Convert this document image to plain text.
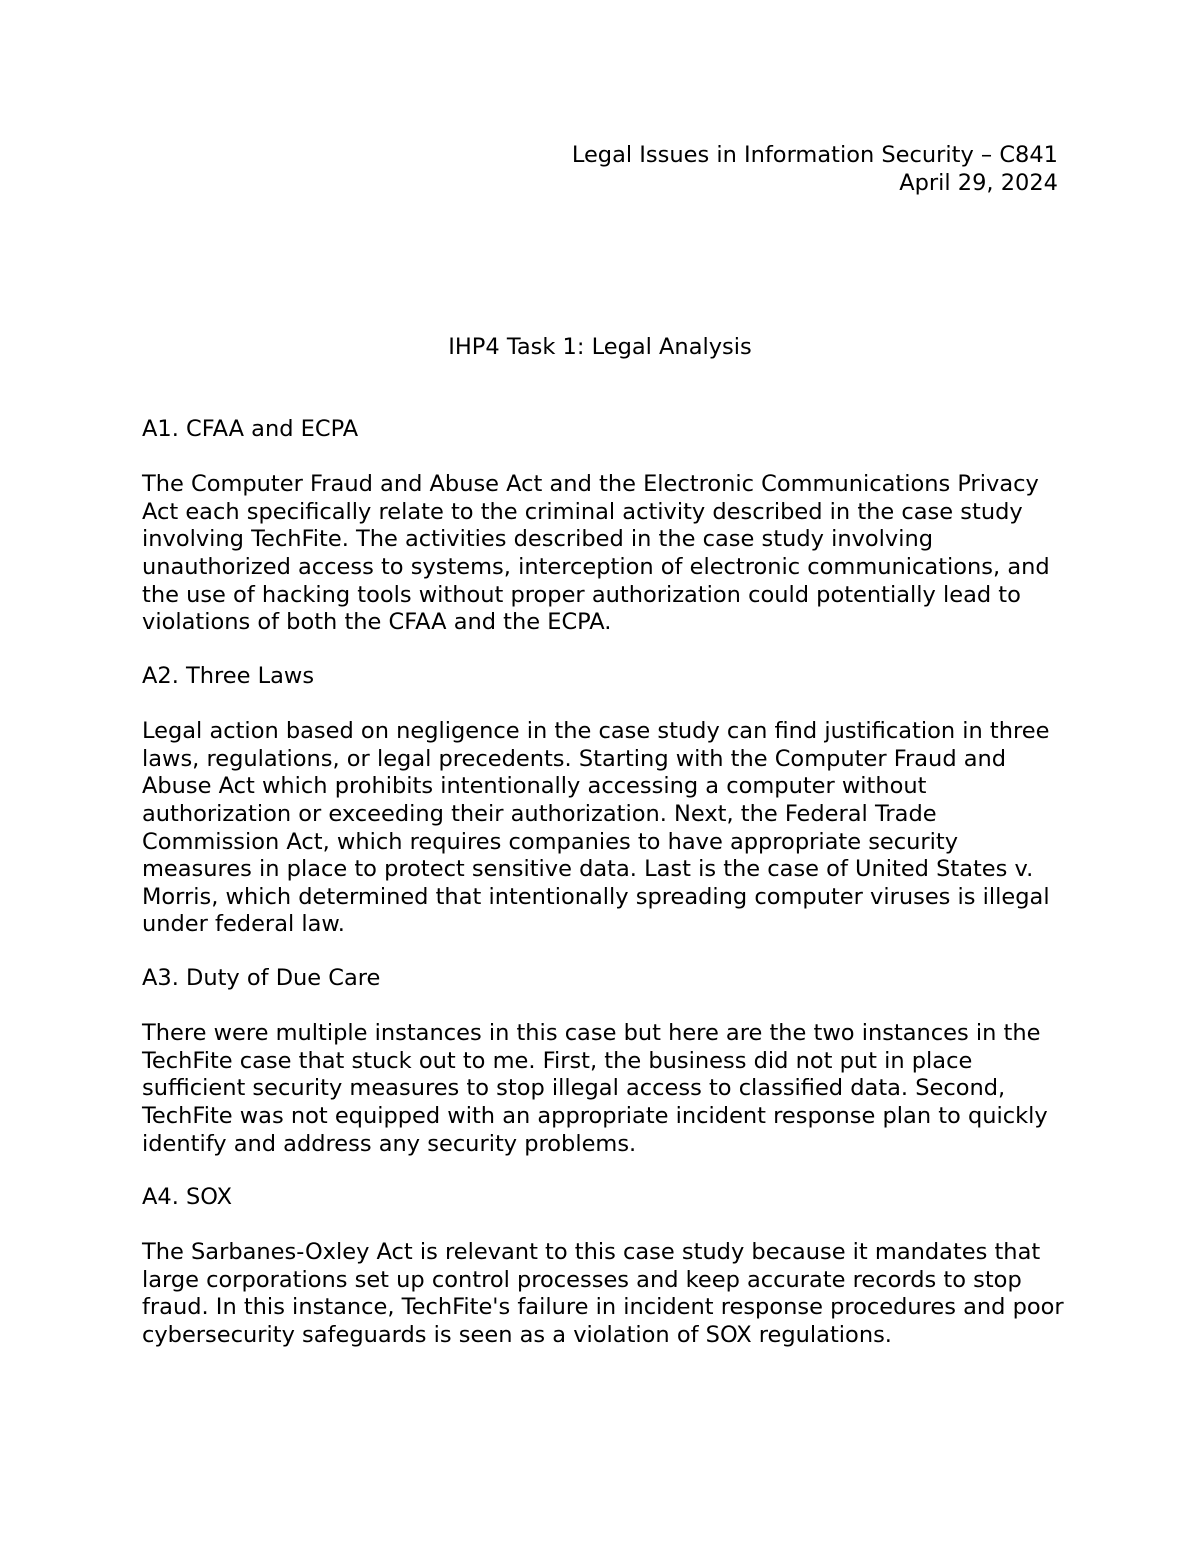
Legal Issues in Information Security – C841
April 29, 2024
IHP4 Task 1: Legal Analysis
A1. CFAA and ECPA
The Computer Fraud and Abuse Act and the Electronic Communications Privacy Act each specifically relate to the criminal activity described in the case study involving TechFite. The activities described in the case study involving unauthorized access to systems, interception of electronic communications, and the use of hacking tools without proper authorization could potentially lead to violations of both the CFAA and the ECPA.
A2. Three Laws
Legal action based on negligence in the case study can find justification in three laws, regulations, or legal precedents. Starting with the Computer Fraud and Abuse Act which prohibits intentionally accessing a computer without authorization or exceeding their authorization. Next, the Federal Trade Commission Act, which requires companies to have appropriate security measures in place to protect sensitive data. Last is the case of United States v. Morris, which determined that intentionally spreading computer viruses is illegal under federal law.
A3. Duty of Due Care
There were multiple instances in this case but here are the two instances in the TechFite case that stuck out to me. First, the business did not put in place sufficient security measures to stop illegal access to classified data. Second, TechFite was not equipped with an appropriate incident response plan to quickly identify and address any security problems.
A4. SOX
The Sarbanes-Oxley Act is relevant to this case study because it mandates that large corporations set up control processes and keep accurate records to stop fraud. In this instance, TechFite's failure in incident response procedures and poor cybersecurity safeguards is seen as a violation of SOX regulations.
